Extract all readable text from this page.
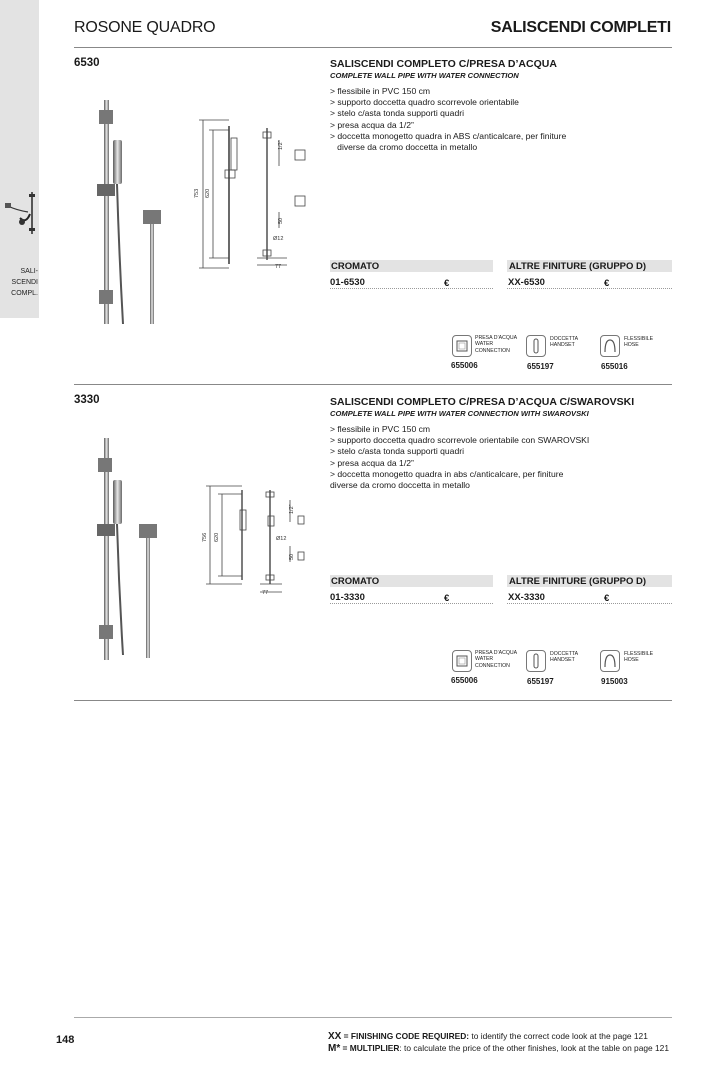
SALI-
SCENDI
COMPL.
ROSONE QUADRO	SALISCENDI COMPLETI
6530
753 620
1/2”
50
Ø12
77
SALISCENDI COMPLETO C/PRESA D’ACQUA
COMPLETE WALL PIPE WITH WATER CONNECTION
> flessibile in PVC 150 cm
> supporto doccetta quadro scorrevole orientabile
> stelo c/asta tonda supporti quadri
> presa acqua da 1/2”
> doccetta monogetto quadra in ABS c/anticalcare, per finiture
diverse da cromo doccetta in metallo
CROMATO	ALTRE FINITURE (GRUPPO D)
01-6530	€	XX-6530	€
PRESA D’ACQUA
WATER
CONNECTION
655006
DOCCETTA
HANDSET
655197
FLESSIBILE
HOSE
655016
3330
756 620
1/2”
50
Ø12
77
SALISCENDI COMPLETO C/PRESA D’ACQUA C/SWAROVSKI
COMPLETE WALL PIPE WITH WATER CONNECTION WITH SWAROVSKI
> flessibile in PVC 150 cm
> supporto doccetta quadro scorrevole orientabile con SWAROVSKI
> stelo c/asta tonda supporti quadri
> presa acqua da 1/2”
> doccetta monogetto quadra in abs c/anticalcare, per finiture
diverse da cromo doccetta in metallo
CROMATO	ALTRE FINITURE (GRUPPO D)
01-3330	€	XX-3330	€
PRESA D’ACQUA
WATER
CONNECTION
655006
DOCCETTA
HANDSET
655197
FLESSIBILE
HOSE
915003
148	XX = FINISHING CODE REQUIRED: to identify the correct code look at the page 121
M* = MULTIPLIER: to calculate the price of the other finishes, look at the table on page 121
